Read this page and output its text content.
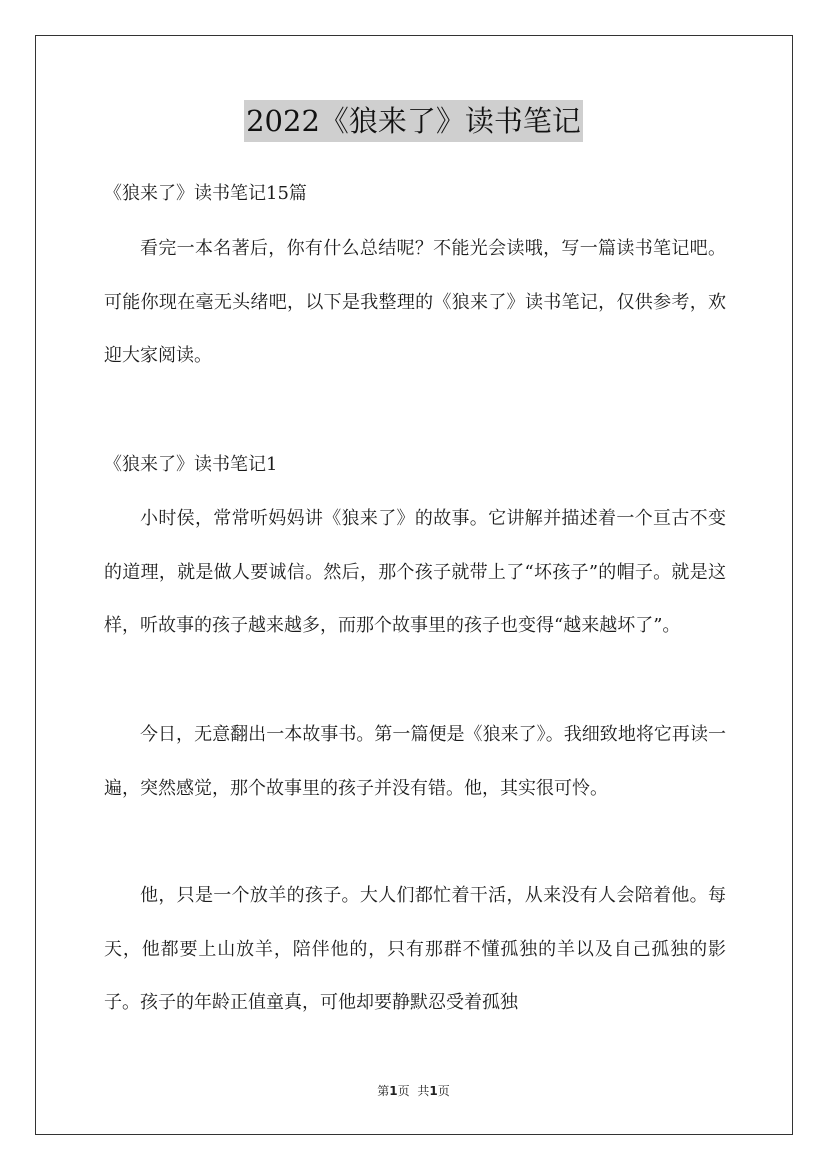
2022《狼来了》读书笔记
《狼来了》读书笔记15篇
看完一本名著后，你有什么总结呢？不能光会读哦，写一篇读书笔记吧。可能你现在毫无头绪吧，以下是我整理的《狼来了》读书笔记，仅供参考，欢迎大家阅读。
《狼来了》读书笔记1
小时侯，常常听妈妈讲《狼来了》的故事。它讲解并描述着一个亘古不变的道理，就是做人要诚信。然后，那个孩子就带上了“坏孩子”的帽子。就是这样，听故事的孩子越来越多，而那个故事里的孩子也变得“越来越坏了”。
今日，无意翻出一本故事书。第一篇便是《狼来了》。我细致地将它再读一遍，突然感觉，那个故事里的孩子并没有错。他，其实很可怜。
他，只是一个放羊的孩子。大人们都忙着干活，从来没有人会陪着他。每天，他都要上山放羊，陪伴他的，只有那群不懂孤独的羊以及自己孤独的影子。孩子的年龄正值童真，可他却要静默忍受着孤独
第1页 共1页
